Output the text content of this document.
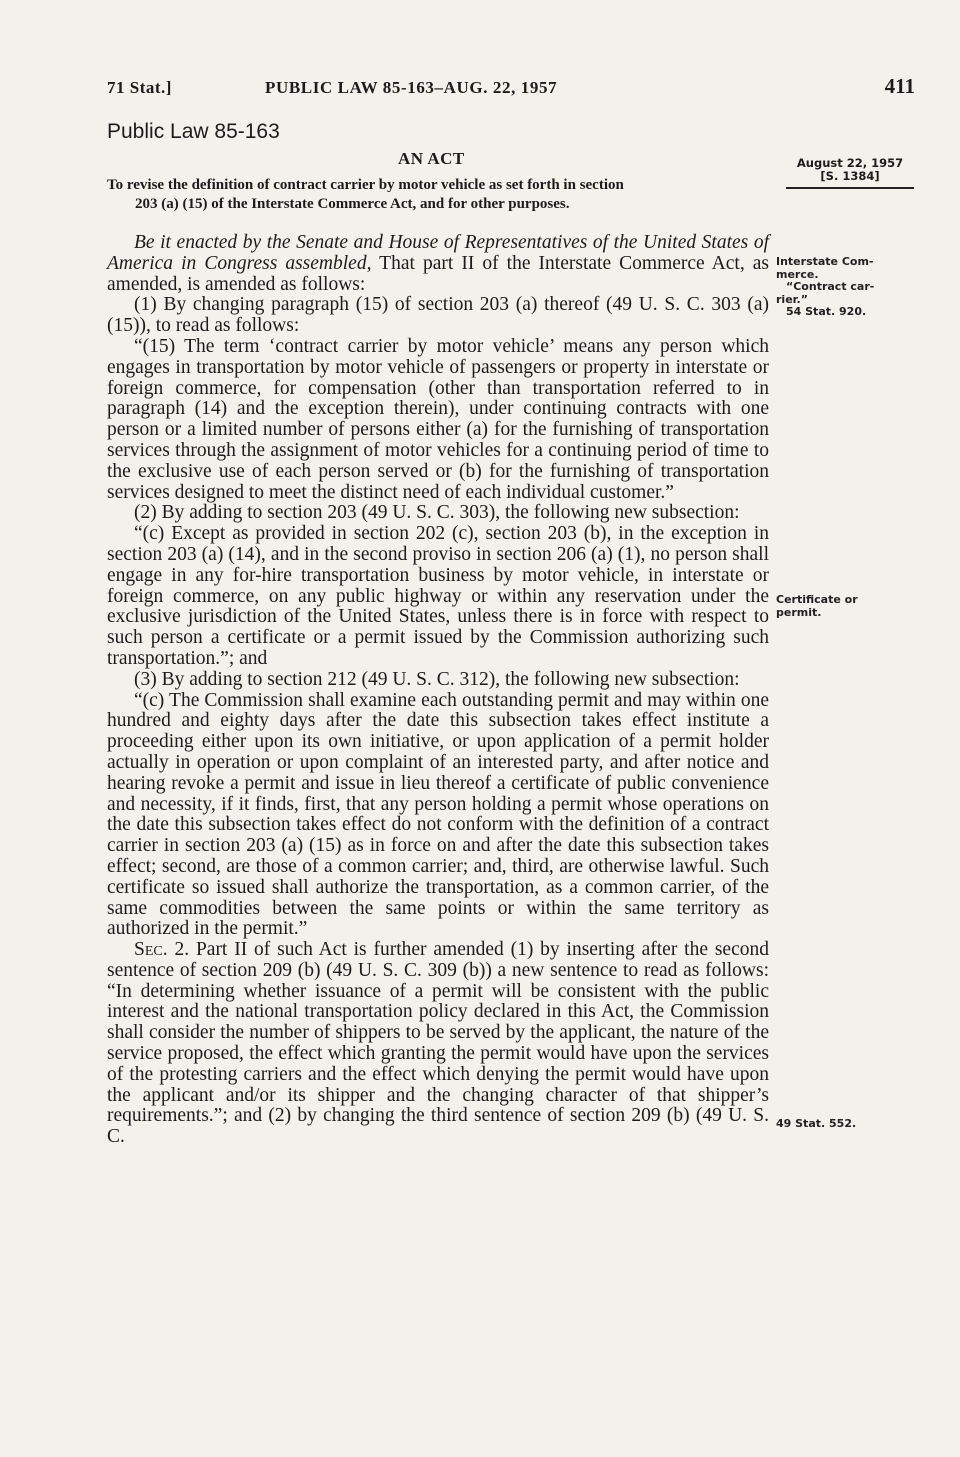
71 Stat.]	PUBLIC LAW 85-163–AUG. 22, 1957	411
Public Law 85-163
AN ACT	August 22, 1957
[S. 1384]
To revise the definition of contract carrier by motor vehicle as set forth in section
203 (a) (15) of the Interstate Commerce Act, and for other purposes.

Be it enacted by the Senate and House of Representatives of the United States of America in Congress assembled, That part II of the Interstate Commerce Act, as amended, is amended as follows:

(1) By changing paragraph (15) of section 203 (a) thereof (49 U. S. C. 303 (a) (15)), to read as follows:

“(15) The term ‘contract carrier by motor vehicle’ means any person which engages in transportation by motor vehicle of passengers or property in interstate or foreign commerce, for compensation (other than transportation referred to in paragraph (14) and the exception therein), under continuing contracts with one person or a limited number of persons either (a) for the furnishing of transportation services through the assignment of motor vehicles for a continuing period of time to the exclusive use of each person served or (b) for the furnishing of transportation services designed to meet the distinct need of each individual customer.”

(2) By adding to section 203 (49 U. S. C. 303), the following new subsection:

“(c) Except as provided in section 202 (c), section 203 (b), in the exception in section 203 (a) (14), and in the second proviso in section 206 (a) (1), no person shall engage in any for-hire transportation business by motor vehicle, in interstate or foreign commerce, on any public highway or within any reservation under the exclusive jurisdiction of the United States, unless there is in force with respect to such person a certificate or a permit issued by the Commission authorizing such transportation.”; and

(3) By adding to section 212 (49 U. S. C. 312), the following new subsection:

“(c) The Commission shall examine each outstanding permit and may within one hundred and eighty days after the date this subsection takes effect institute a proceeding either upon its own initiative, or upon application of a permit holder actually in operation or upon complaint of an interested party, and after notice and hearing revoke a permit and issue in lieu thereof a certificate of public convenience and necessity, if it finds, first, that any person holding a permit whose operations on the date this subsection takes effect do not conform with the definition of a contract carrier in section 203 (a) (15) as in force on and after the date this subsection takes effect; second, are those of a common carrier; and, third, are otherwise lawful. Such certificate so issued shall authorize the transportation, as a common carrier, of the same commodities between the same points or within the same territory as authorized in the permit.”

Sec. 2. Part II of such Act is further amended (1) by inserting after the second sentence of section 209 (b) (49 U. S. C. 309 (b)) a new sentence to read as follows: “In determining whether issuance of a permit will be consistent with the public interest and the national transportation policy declared in this Act, the Commission shall consider the number of shippers to be served by the applicant, the nature of the service proposed, the effect which granting the permit would have upon the services of the protesting carriers and the effect which denying the permit would have upon the applicant and/or its shipper and the changing character of that shipper’s requirements.”; and (2) by changing the third sentence of section 209 (b) (49 U. S. C.

Interstate Com-
merce.
“Contract car-
rier.”
54 Stat. 920.
Certificate or
permit.
49 Stat. 552.
